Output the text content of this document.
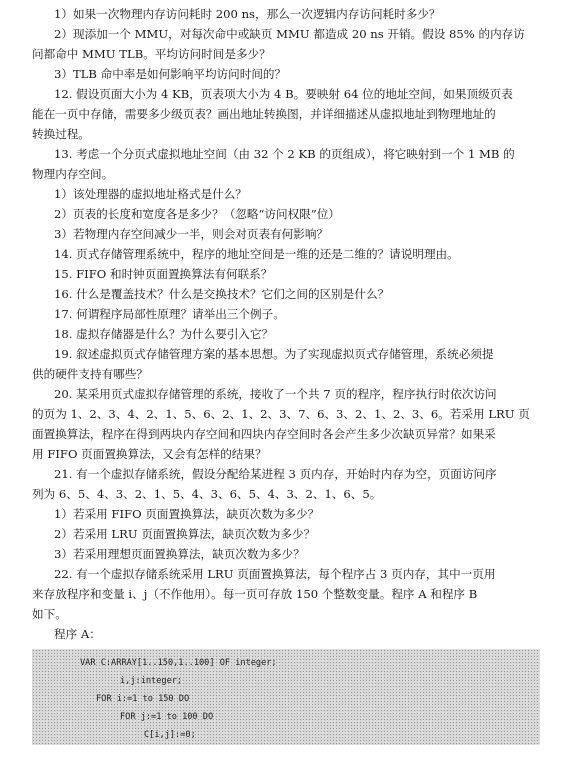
1）如果一次物理内存访问耗时 200 ns，那么一次逻辑内存访问耗时多少？
2）现添加一个 MMU，对每次命中或缺页 MMU 都造成 20 ns 开销。假设 85% 的内存访
问都命中 MMU TLB。平均访问时间是多少？
3）TLB 命中率是如何影响平均访问时间的？
12. 假设页面大小为 4 KB，页表项大小为 4 B。要映射 64 位的地址空间，如果顶级页表
能在一页中存储，需要多少级页表？画出地址转换图，并详细描述从虚拟地址到物理地址的
转换过程。
13. 考虑一个分页式虚拟地址空间（由 32 个 2 KB 的页组成），将它映射到一个 1 MB 的
物理内存空间。
1）该处理器的虚拟地址格式是什么？
2）页表的长度和宽度各是多少？（忽略“访问权限”位）
3）若物理内存空间减少一半，则会对页表有何影响？
14. 页式存储管理系统中，程序的地址空间是一维的还是二维的？请说明理由。
15. FIFO 和时钟页面置换算法有何联系？
16. 什么是覆盖技术？什么是交换技术？它们之间的区别是什么？
17. 何谓程序局部性原理？请举出三个例子。
18. 虚拟存储器是什么？为什么要引入它？
19. 叙述虚拟页式存储管理方案的基本思想。为了实现虚拟页式存储管理，系统必须提
供的硬件支持有哪些？
20. 某采用页式虚拟存储管理的系统，接收了一个共 7 页的程序，程序执行时依次访问
的页为 1、2、3、4、2、1、5、6、2、1、2、3、7、6、3、2、1、2、3、6。若采用 LRU 页
面置换算法，程序在得到两块内存空间和四块内存空间时各会产生多少次缺页异常？如果采
用 FIFO 页面置换算法，又会有怎样的结果？
21. 有一个虚拟存储系统，假设分配给某进程 3 页内存，开始时内存为空，页面访问序
列为 6、5、4、3、2、1、5、4、3、6、5、4、3、2、1、6、5。
1）若采用 FIFO 页面置换算法，缺页次数为多少？
2）若采用 LRU 页面置换算法，缺页次数为多少？
3）若采用理想页面置换算法，缺页次数为多少？
22. 有一个虚拟存储系统采用 LRU 页面置换算法，每个程序占 3 页内存，其中一页用
来存放程序和变量 i、j（不作他用）。每一页可存放 150 个整数变量。程序 A 和程序 B
如下。
程序 A：
VAR C:ARRAY[1..150,1..100] OF integer;
i,j:integer;
FOR i:=1 to 150 DO
FOR j:=1 to 100 DO
C[i,j]:=0;
